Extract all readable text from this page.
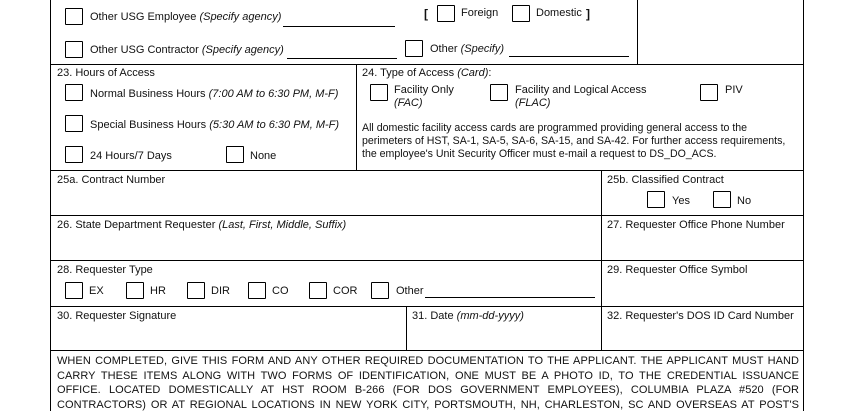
Other USG Employee (Specify agency)	[	Foreign	Domestic ]
Other USG Contractor (Specify agency)	Other (Specify)
23. Hours of Access
Normal Business Hours (7:00 AM to 6:30 PM, M-F)
Special Business Hours (5:30 AM to 6:30 PM, M-F)
24 Hours/7 Days	None
24. Type of Access (Card):
Facility Only
(FAC)
Facility and Logical Access
(FLAC)
PIV
All domestic facility access cards are programmed providing general access to the
perimeters of HST, SA-1, SA-5, SA-6, SA-15, and SA-42. For further access requirements,
the employee's Unit Security Officer must e-mail a request to DS_DO_ACS.
25a. Contract Number	25b. Classified Contract
Yes	No
26. State Department Requester (Last, First, Middle, Suffix)	27. Requester Office Phone Number
28. Requester Type
EX	HR	DIR	CO	COR	Other
29. Requester Office Symbol
30. Requester Signature	31. Date (mm-dd-yyyy)	32. Requester's DOS ID Card Number
WHEN COMPLETED, GIVE THIS FORM AND ANY OTHER REQUIRED DOCUMENTATION TO THE APPLICANT. THE APPLICANT MUST HAND
CARRY THESE ITEMS ALONG WITH TWO FORMS OF IDENTIFICATION, ONE MUST BE A PHOTO ID, TO THE CREDENTIAL ISSUANCE
OFFICE. LOCATED DOMESTICALLY AT HST ROOM B-266 (FOR DOS GOVERNMENT EMPLOYEES), COLUMBIA PLAZA #520 (FOR
CONTRACTORS) OR AT REGIONAL LOCATIONS IN NEW YORK CITY, PORTSMOUTH, NH, CHARLESTON, SC AND OVERSEAS AT POST'S
